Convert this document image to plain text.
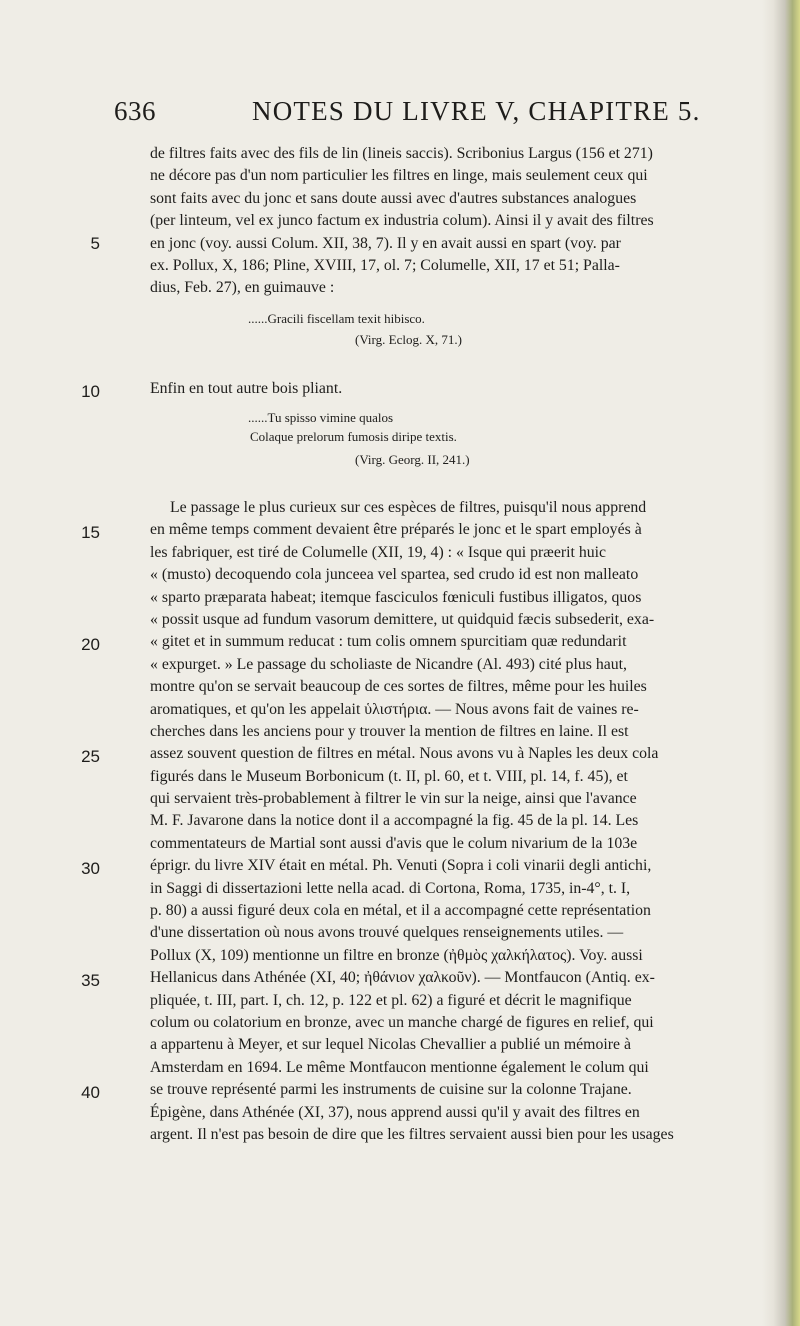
636	NOTES DU LIVRE V, CHAPITRE 5.
5
10
15
20
25
30
35
40
de filtres faits avec des fils de lin (lineis saccis). Scribonius Largus (156 et 271)
ne décore pas d'un nom particulier les filtres en linge, mais seulement ceux qui
sont faits avec du jonc et sans doute aussi avec d'autres substances analogues
(per linteum, vel ex junco factum ex industria colum). Ainsi il y avait des filtres
en jonc (voy. aussi Colum. XII, 38, 7). Il y en avait aussi en spart (voy. par
ex. Pollux, X, 186; Pline, XVIII, 17, ol. 7; Columelle, XII, 17 et 51; Palla-
dius, Feb. 27), en guimauve :
......Gracili fiscellam texit hibisco.
(Virg. Eclog. X, 71.)
Enfin en tout autre bois pliant.
......Tu spisso vimine qualos
Colaque prelorum fumosis diripe textis.
(Virg. Georg. II, 241.)
Le passage le plus curieux sur ces espèces de filtres, puisqu'il nous apprend
en même temps comment devaient être préparés le jonc et le spart employés à
les fabriquer, est tiré de Columelle (XII, 19, 4) : « Isque qui præerit huic
« (musto) decoquendo cola junceea vel spartea, sed crudo id est non malleato
« sparto præparata habeat; itemque fasciculos fœniculi fustibus illigatos, quos
« possit usque ad fundum vasorum demittere, ut quidquid fæcis subsederit, exa-
« gitet et in summum reducat : tum colis omnem spurcitiam quæ redundarit
« expurget. » Le passage du scholiaste de Nicandre (Al. 493) cité plus haut,
montre qu'on se servait beaucoup de ces sortes de filtres, même pour les huiles
aromatiques, et qu'on les appelait ὑλιστήρια. — Nous avons fait de vaines re-
cherches dans les anciens pour y trouver la mention de filtres en laine. Il est
assez souvent question de filtres en métal. Nous avons vu à Naples les deux cola
figurés dans le Museum Borbonicum (t. II, pl. 60, et t. VIII, pl. 14, f. 45), et
qui servaient très-probablement à filtrer le vin sur la neige, ainsi que l'avance
M. F. Javarone dans la notice dont il a accompagné la fig. 45 de la pl. 14. Les
commentateurs de Martial sont aussi d'avis que le colum nivarium de la 103e
éprigr. du livre XIV était en métal. Ph. Venuti (Sopra i coli vinarii degli antichi,
in Saggi di dissertazioni lette nella acad. di Cortona, Roma, 1735, in-4°, t. I,
p. 80) a aussi figuré deux cola en métal, et il a accompagné cette représentation
d'une dissertation où nous avons trouvé quelques renseignements utiles. —
Pollux (X, 109) mentionne un filtre en bronze (ἠθμὸς χαλκήλατος). Voy. aussi
Hellanicus dans Athénée (XI, 40; ἠθάνιον χαλκοῦν). — Montfaucon (Antiq. ex-
pliquée, t. III, part. I, ch. 12, p. 122 et pl. 62) a figuré et décrit le magnifique
colum ou colatorium en bronze, avec un manche chargé de figures en relief, qui
a appartenu à Meyer, et sur lequel Nicolas Chevallier a publié un mémoire à
Amsterdam en 1694. Le même Montfaucon mentionne également le colum qui
se trouve représenté parmi les instruments de cuisine sur la colonne Trajane.
Épigène, dans Athénée (XI, 37), nous apprend aussi qu'il y avait des filtres en
argent. Il n'est pas besoin de dire que les filtres servaient aussi bien pour les usages
